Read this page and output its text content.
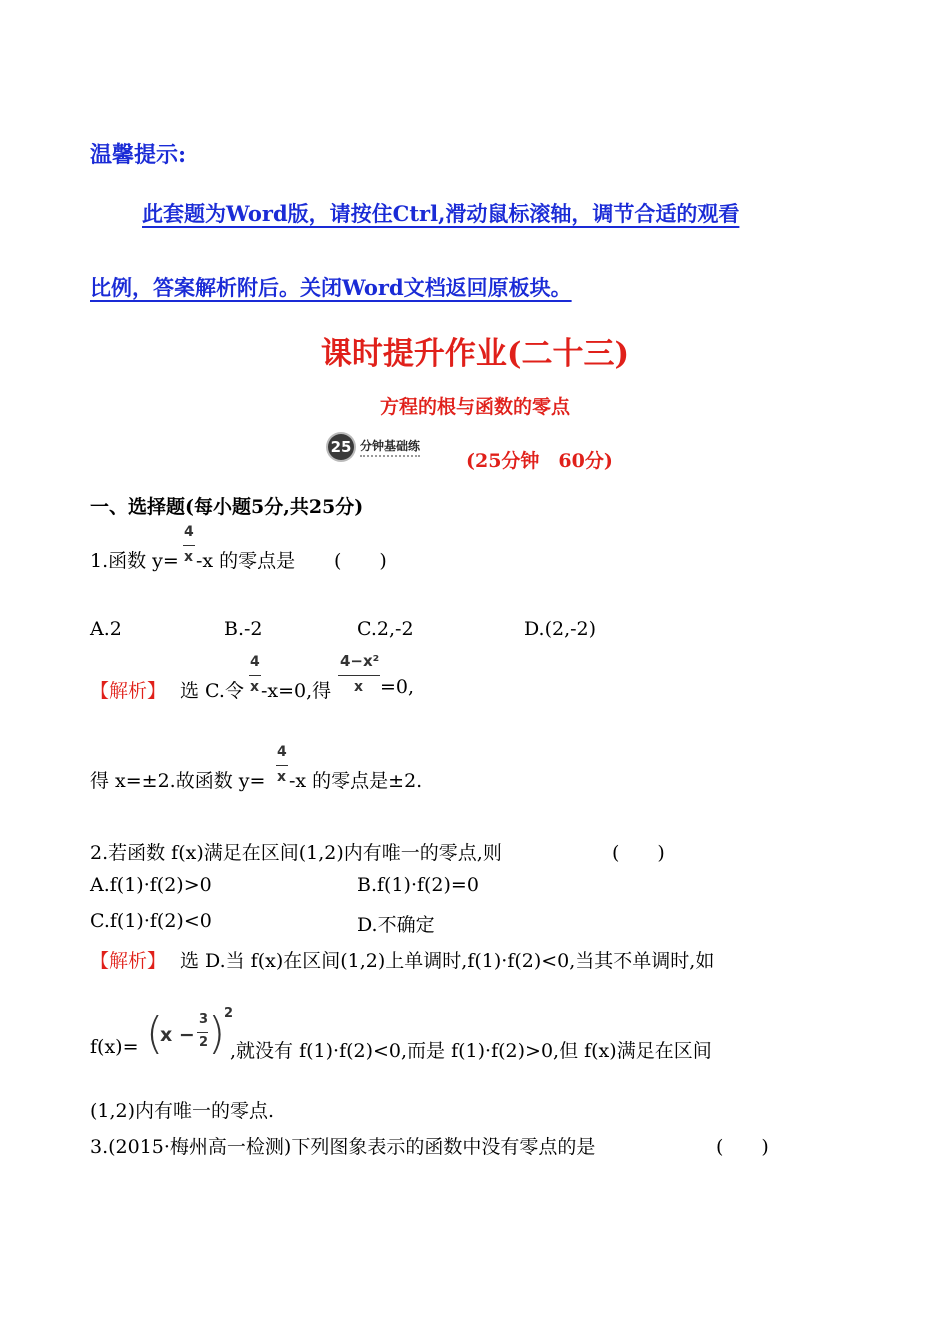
温馨提示:
此套题为Word版，请按住Ctrl,滑动鼠标滚轴，调节合适的观看
比例，答案解析附后。关闭Word文档返回原板块。
课时提升作业(二十三)
方程的根与函数的零点
25 分钟基础练
(25分钟　60分)
一、选择题(每小题5分,共25分)
1.函数 y=
4
x -x 的零点是 (　　)
A.2	B.-2	C.2,-2	D.(2,-2)
【解析】 选 C.令
4
x -x=0,得
4−x²
x =0,
得 x=±2.故函数 y=
4
x -x 的零点是±2.
2.若函数 f(x)满足在区间(1,2)内有唯一的零点,则	(　　)
A.f(1)·f(2)>0	B.f(1)·f(2)=0
C.f(1)·f(2)<0	D.不确定
【解析】 选 D.当 f(x)在区间(1,2)上单调时,f(1)·f(2)<0,当其不单调时,如
f(x)= (
x −
3
2 )
2
,就没有 f(1)·f(2)<0,而是 f(1)·f(2)>0,但 f(x)满足在区间
(1,2)内有唯一的零点.
3.(2015·梅州高一检测)下列图象表示的函数中没有零点的是	(　　)
